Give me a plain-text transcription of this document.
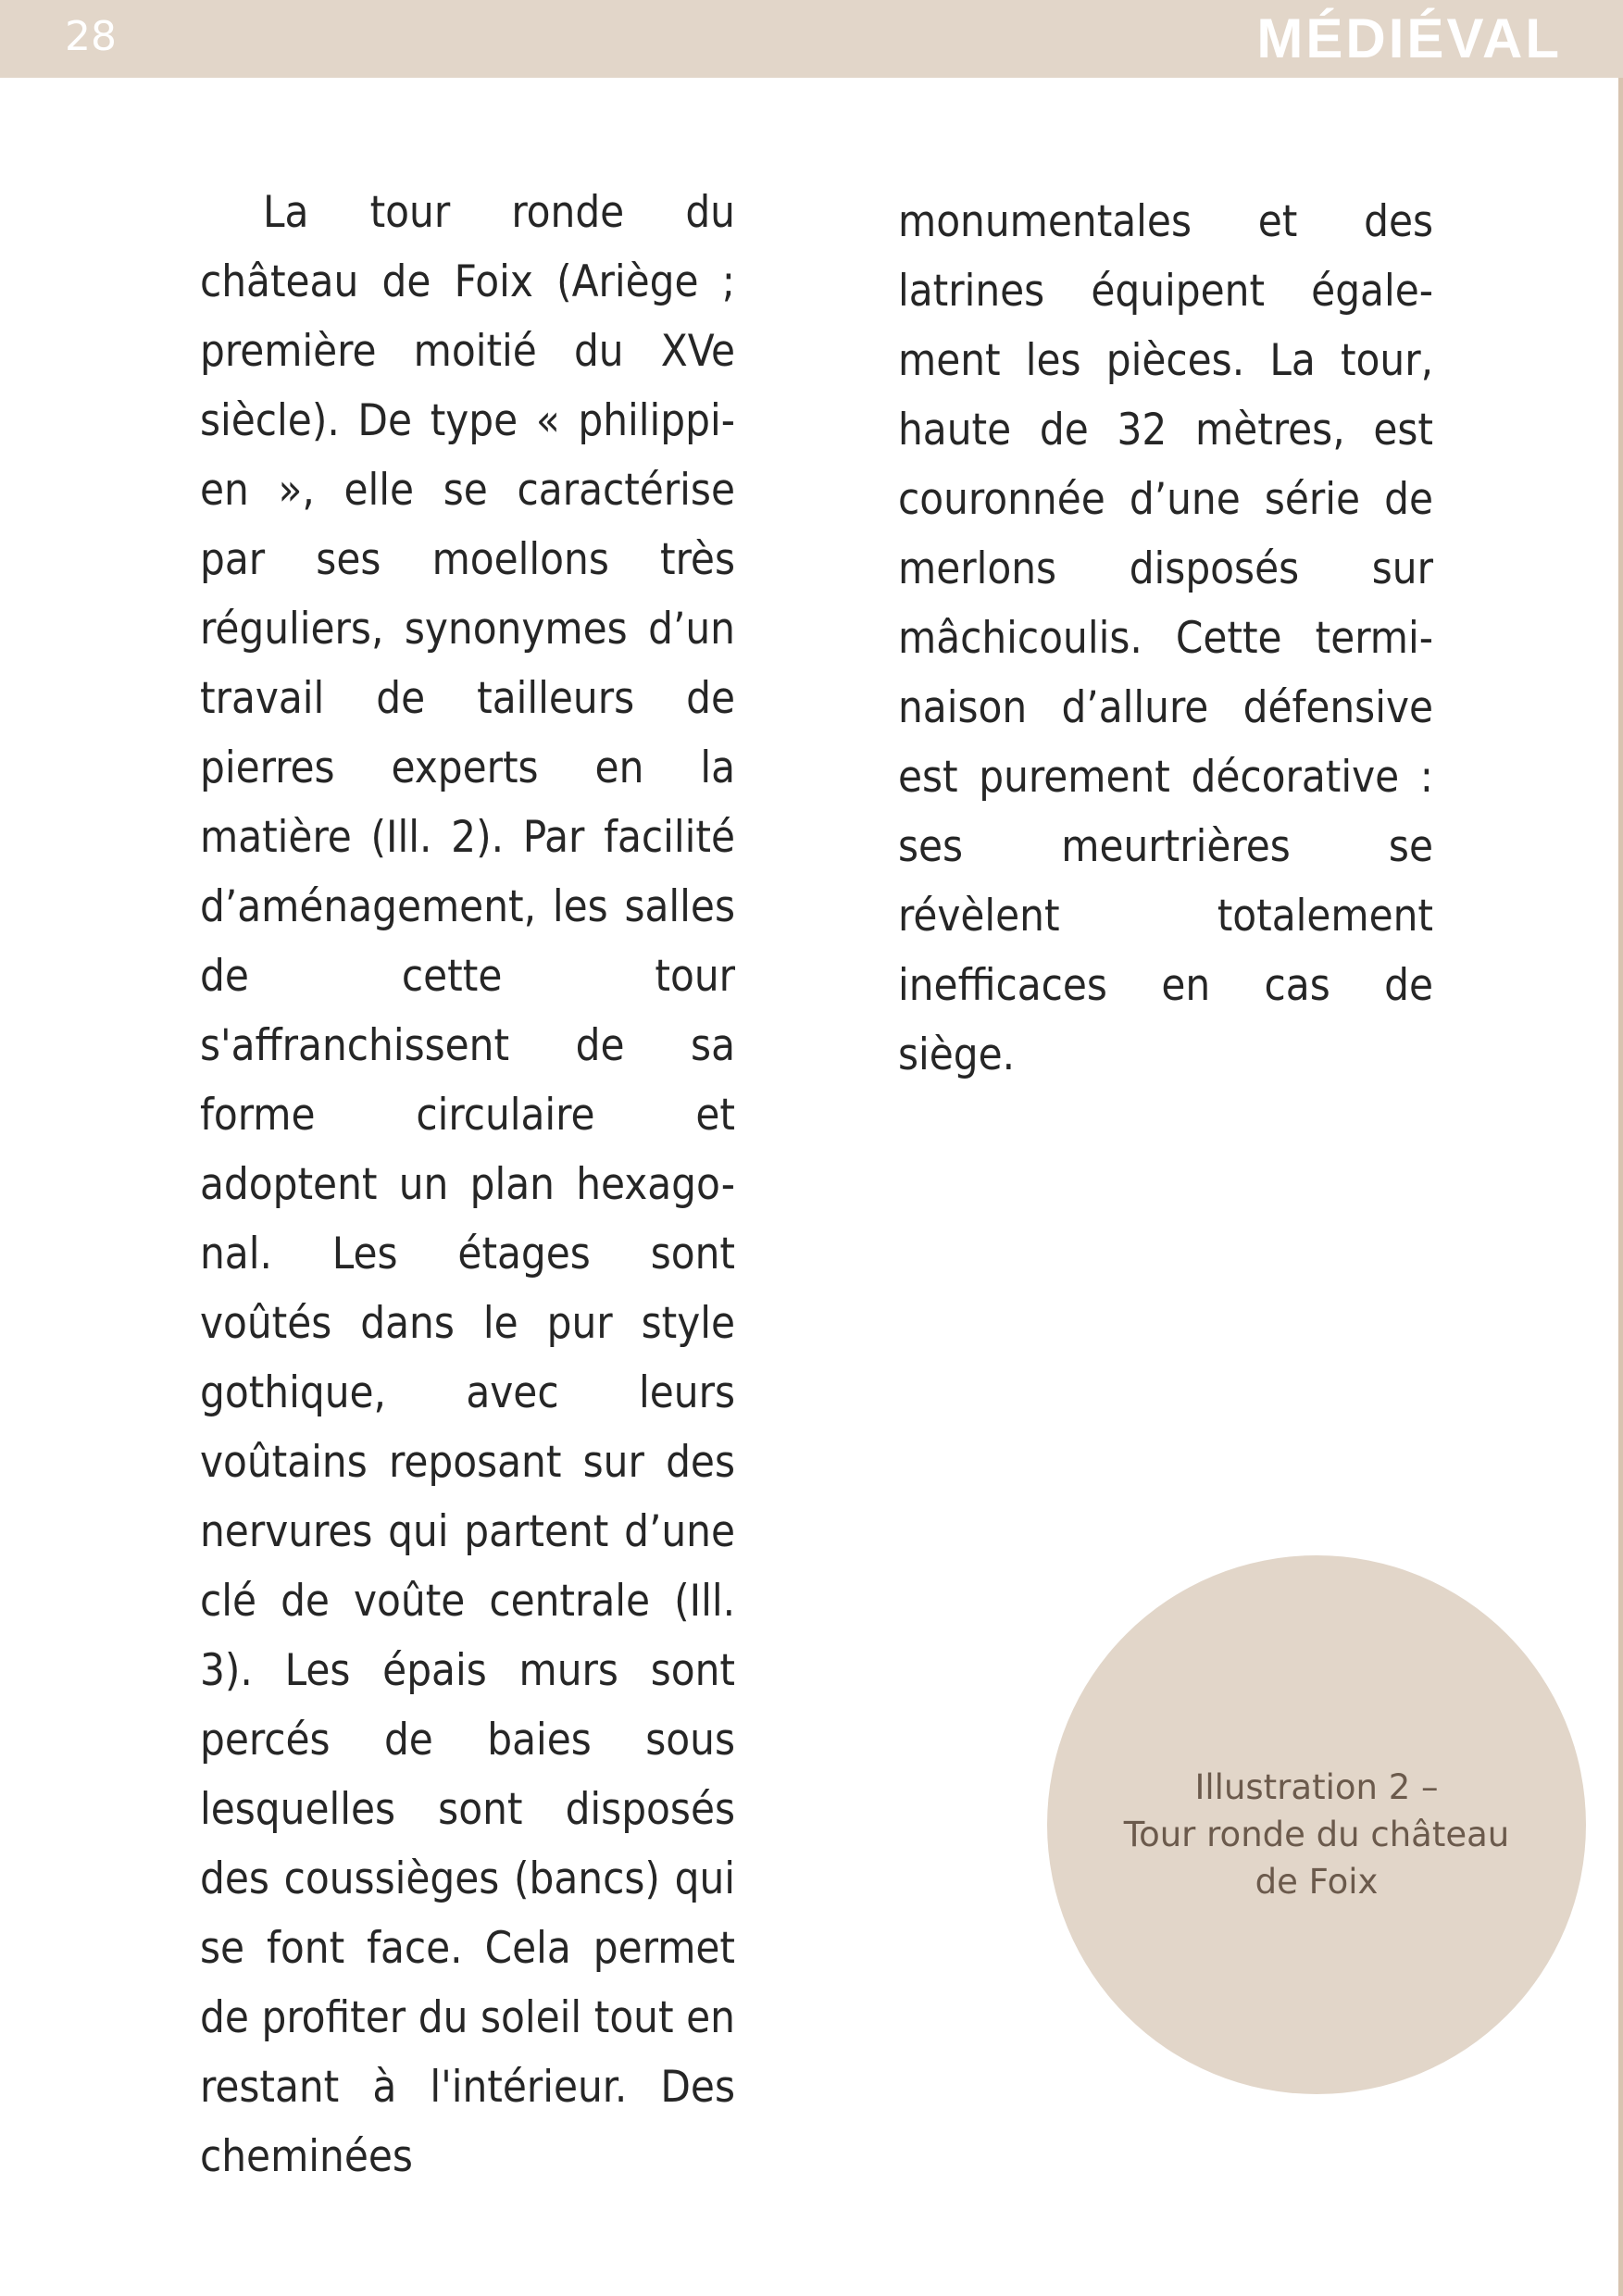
28	MÉDIÉVAL
La tour ronde du château de Foix (Ariège ; première moitié du XVe siècle). De type « philippi-en », elle se caractérise par ses moellons très réguliers, synonymes d’un travail de tailleurs de pierres experts en la matière (Ill. 2). Par facilité d’aménagement, les salles de cette tour s'affranchissent de sa forme circulaire et adoptent un plan hexago-nal. Les étages sont voûtés dans le pur style gothique, avec leurs voûtains reposant sur des nervures qui partent d’une clé de voûte centrale (Ill. 3). Les épais murs sont percés de baies sous lesquelles sont disposés des coussièges (bancs) qui se font face. Cela permet de profiter du soleil tout en restant à l'intérieur. Des cheminées
monumentales et des latrines équipent égale-ment les pièces. La tour, haute de 32 mètres, est couronnée d’une série de merlons disposés sur mâchicoulis. Cette termi-naison d’allure défensive est purement décorative : ses meurtrières se révèlent totalement inefficaces en cas de siège.
Illustration 2 –
Tour ronde du château
de Foix
